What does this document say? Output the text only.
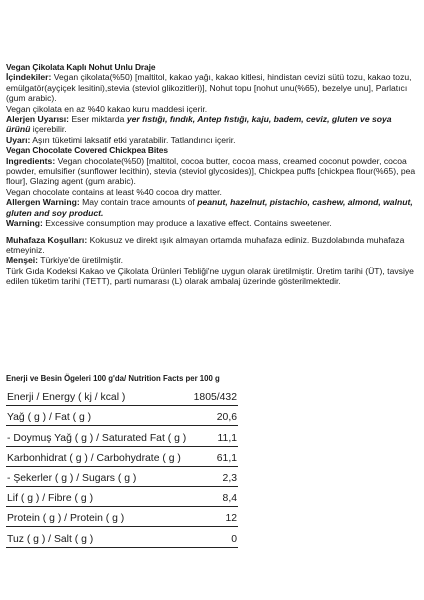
Vegan Çikolata Kaplı Nohut Unlu Draje

İçindekiler: Vegan çikolata(%50) [maltitol, kakao yağı, kakao kitlesi, hindistan cevizi sütü tozu, kakao tozu, emülgatör(ayçiçek lesitini),stevia (steviol glikozitleri)], Nohut topu [nohut unu(%65), bezelye unu], Parlatıcı (gum arabic).

Vegan çikolata en az %40 kakao kuru maddesi içerir.

Alerjen Uyarısı: Eser miktarda yer fıstığı, fındık, Antep fıstığı, kaju, badem, ceviz, gluten ve soya ürünü içerebilir.

Uyarı: Aşırı tüketimi laksatif etki yaratabilir. Tatlandırıcı içerir.

Vegan Chocolate Covered Chickpea Bites

Ingredients: Vegan chocolate(%50) [maltitol, cocoa butter, cocoa mass, creamed coconut powder, cocoa powder, emulsifier (sunflower lecithin), stevia (steviol glycosides)], Chickpea puffs [chickpea flour(%65), pea flour], Glazing agent (gum arabic).

Vegan chocolate contains at least %40 cocoa dry matter.

Allergen Warning: May contain trace amounts of peanut, hazelnut, pistachio, cashew, almond, walnut, gluten and soy product.

Warning: Excessive consumption may produce a laxative effect. Contains sweetener.

Muhafaza Koşulları: Kokusuz ve direkt ışık almayan ortamda muhafaza ediniz. Buzdolabında muhafaza etmeyiniz.

Menşei: Türkiye'de üretilmiştir.

Türk Gıda Kodeksi Kakao ve Çikolata Ürünleri Tebliği'ne uygun olarak üretilmiştir. Üretim tarihi (ÜT), tavsiye edilen tüketim tarihi (TETT), parti numarası (L) olarak ambalaj üzerinde gösterilmektedir.

Enerji ve Besin Ögeleri 100 g'da/ Nutrition Facts per 100 g
Enerji / Energy ( kj / kcal )	1805/432
Yağ ( g ) / Fat ( g )	20,6
- Doymuş Yağ ( g ) / Saturated Fat ( g )	11,1
Karbonhidrat ( g ) / Carbohydrate ( g )	61,1
- Şekerler ( g ) / Sugars ( g )	2,3
Lif ( g ) / Fibre ( g )	8,4
Protein ( g ) / Protein ( g )	12
Tuz ( g ) / Salt ( g )	0
